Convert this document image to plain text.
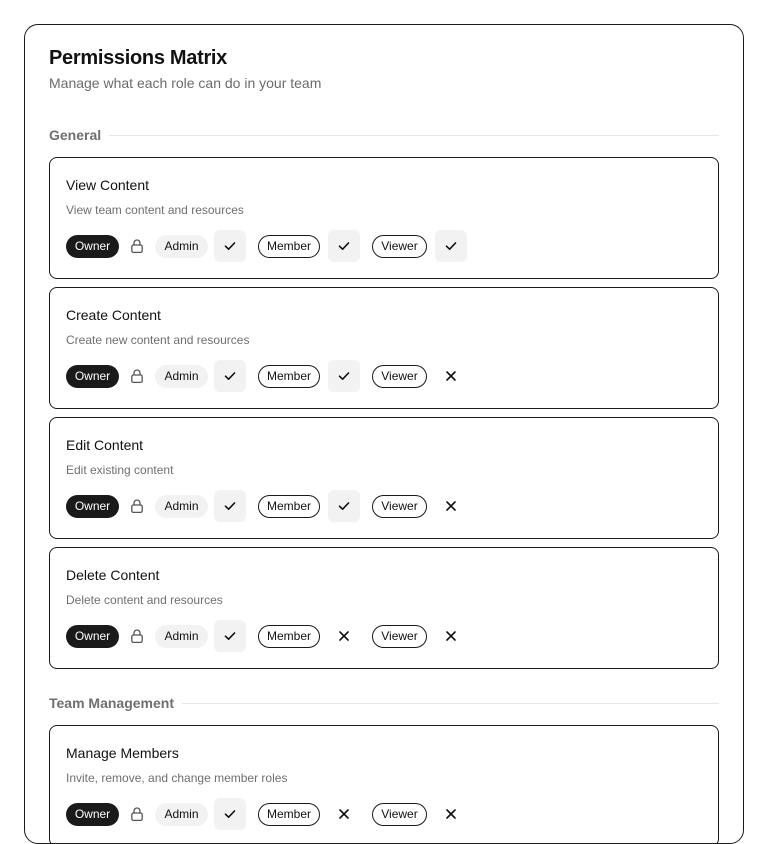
Permissions Matrix

Manage what each role can do in your team

General
View Content
View team content and resources
Owner	Admin	Member	Viewer
Create Content
Create new content and resources
Owner	Admin	Member	Viewer
Edit Content
Edit existing content
Owner	Admin	Member	Viewer
Delete Content
Delete content and resources
Owner	Admin	Member	Viewer
Team Management
Manage Members
Invite, remove, and change member roles
Owner	Admin	Member	Viewer
